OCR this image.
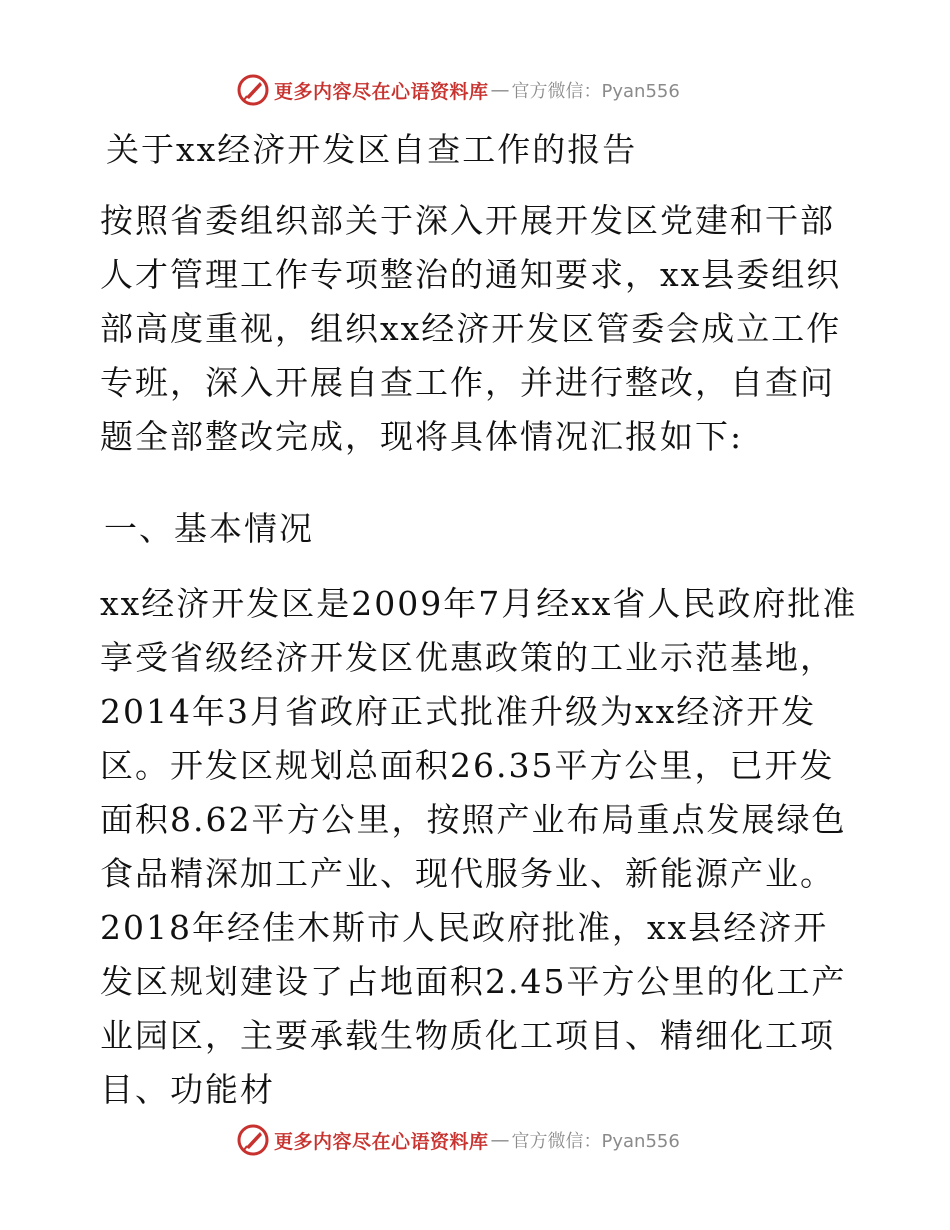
更多内容尽在心语资料库 — 官方微信：Pyan556
关于xx经济开发区自查工作的报告

按照省委组织部关于深入开展开发区党建和干部人才管理工作专项整治的通知要求，xx县委组织部高度重视，组织xx经济开发区管委会成立工作专班，深入开展自查工作，并进行整改，自查问题全部整改完成，现将具体情况汇报如下:

一、基本情况

xx经济开发区是2009年7月经xx省人民政府批准享受省级经济开发区优惠政策的工业示范基地，2014年3月省政府正式批准升级为xx经济开发区。开发区规划总面积26.35平方公里，已开发面积8.62平方公里，按照产业布局重点发展绿色食品精深加工产业、现代服务业、新能源产业。2018年经佳木斯市人民政府批准，xx县经济开发区规划建设了占地面积2.45平方公里的化工产业园区，主要承载生物质化工项目、精细化工项目、功能材

更多内容尽在心语资料库 — 官方微信：Pyan556
